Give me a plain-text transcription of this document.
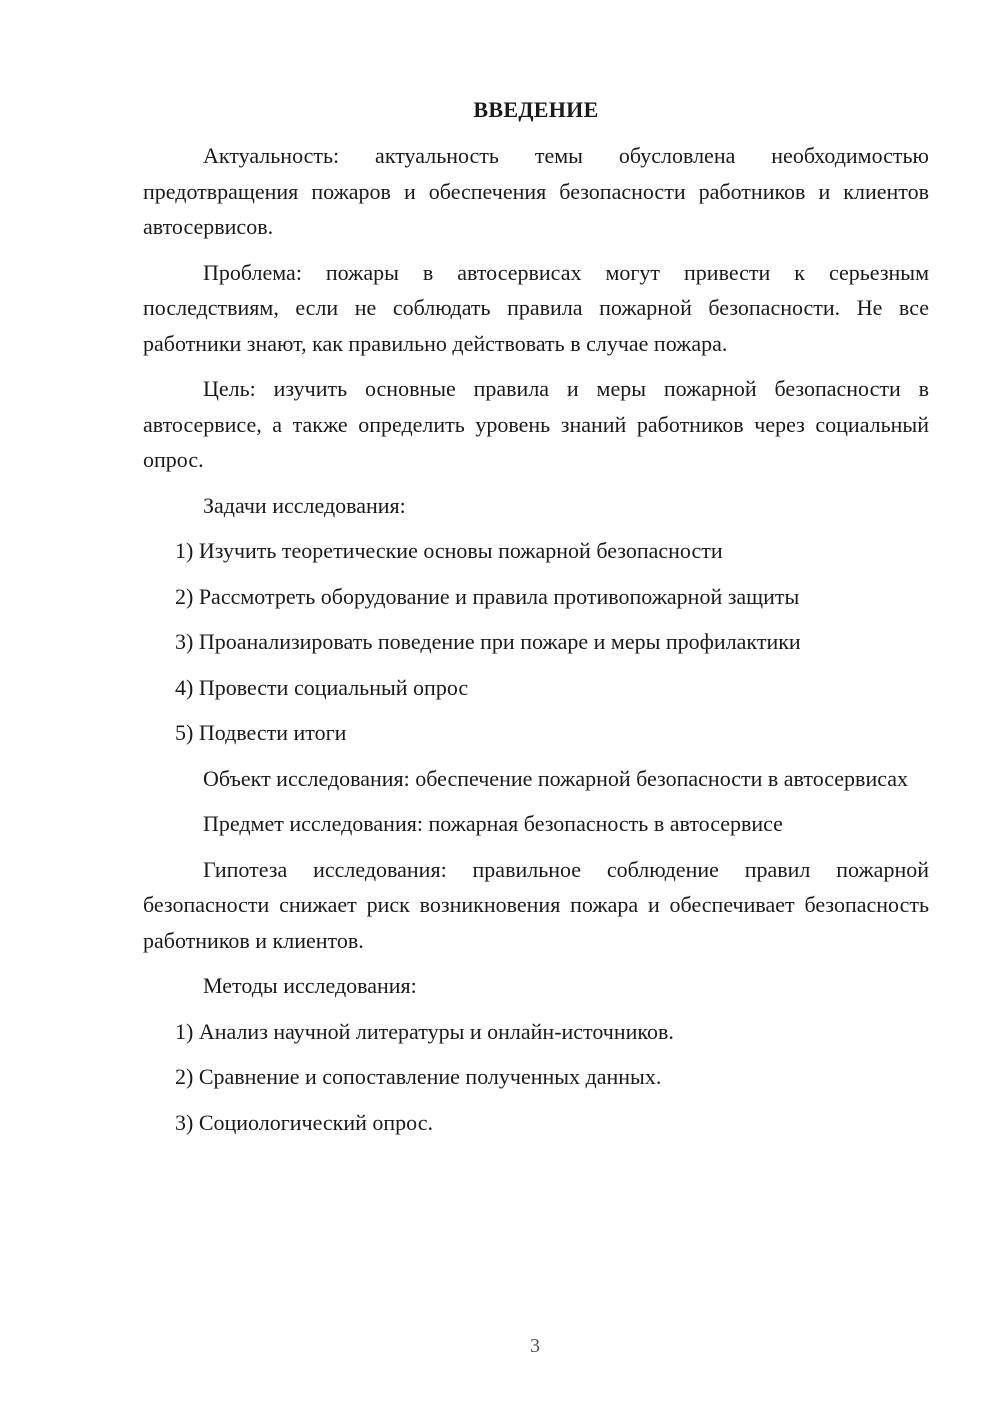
ВВЕДЕНИЕ

Актуальность: актуальность темы обусловлена необходимостью предотвращения пожаров и обеспечения безопасности работников и клиентов автосервисов.

Проблема: пожары в автосервисах могут привести к серьезным последствиям, если не соблюдать правила пожарной безопасности. Не все работники знают, как правильно действовать в случае пожара.

Цель: изучить основные правила и меры пожарной безопасности в автосервисе, а также определить уровень знаний работников через социальный опрос.

Задачи исследования:

1) Изучить теоретические основы пожарной безопасности
2) Рассмотреть оборудование и правила противопожарной защиты
3) Проанализировать поведение при пожаре и меры профилактики
4) Провести социальный опрос
5) Подвести итоги

Объект исследования: обеспечение пожарной безопасности в автосервисах

Предмет исследования: пожарная безопасность в автосервисе

Гипотеза исследования: правильное соблюдение правил пожарной безопасности снижает риск возникновения пожара и обеспечивает безопасность работников и клиентов.

Методы исследования:

1) Анализ научной литературы и онлайн-источников.
2) Сравнение и сопоставление полученных данных.
3) Социологический опрос.
3
